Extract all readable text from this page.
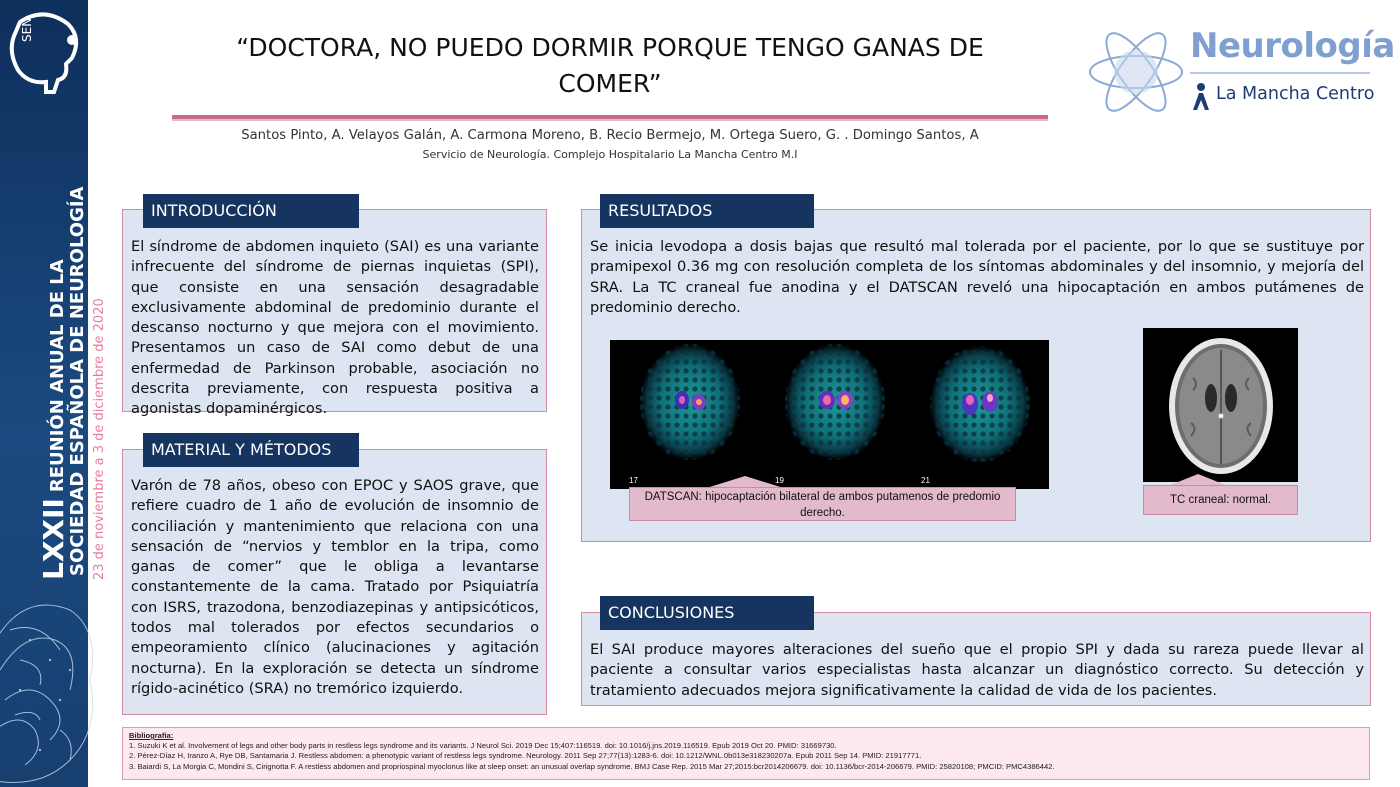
SEN
LXXIIREUNIÓN ANUAL DE LA SOCIEDAD ESPAÑOLA DE NEUROLOGÍA 23 de noviembre a 3 de diciembre de 2020
“DOCTORA, NO PUEDO DORMIR PORQUE TENGO GANAS DE
COMER”
Santos Pinto, A. Velayos Galán, A. Carmona Moreno, B. Recio Bermejo, M. Ortega Suero, G. . Domingo Santos, A
Servicio de Neurología. Complejo Hospitalario La Mancha Centro M.I
Neurología
La Mancha Centro
INTRODUCCIÓN
El síndrome de abdomen inquieto (SAI) es una variante infrecuente del síndrome de piernas inquietas (SPI), que consiste en una sensación desagradable exclusivamente abdominal de predominio durante el descanso nocturno y que mejora con el movimiento. Presentamos un caso de SAI como debut de una enfermedad de Parkinson probable, asociación no descrita previamente, con respuesta positiva a agonistas dopaminérgicos.
MATERIAL Y MÉTODOS
Varón de 78 años, obeso con EPOC y SAOS grave, que refiere cuadro de 1 año de evolución de insomnio de conciliación y mantenimiento que relaciona con una sensación de “nervios y temblor en la tripa, como ganas de comer” que le obliga a levantarse constantemente de la cama. Tratado por Psiquiatría con ISRS, trazodona, benzodiazepinas y antipsicóticos, todos mal tolerados por efectos secundarios o empeoramiento clínico (alucinaciones y agitación nocturna). En la exploración se detecta un síndrome rígido-acinético (SRA) no tremórico izquierdo.
RESULTADOS
Se inicia levodopa a dosis bajas que resultó mal tolerada por el paciente, por lo que se sustituye por pramipexol 0.36 mg con resolución completa de los síntomas abdominales y del insomnio, y mejoría del SRA. La TC craneal fue anodina y el DATSCAN reveló una hipocaptación en ambos putámenes de predominio derecho.
17	19	21
DATSCAN: hipocaptación bilateral de ambos putamenos de predomio derecho.
TC craneal: normal.
CONCLUSIONES
El SAI produce mayores alteraciones del sueño que el propio SPI y dada su rareza puede llevar al paciente a consultar varios especialistas hasta alcanzar un diagnóstico correcto. Su detección y tratamiento adecuados mejora significativamente la calidad de vida de los pacientes.
Bibliografía:
1. Suzuki K et al. Involvement of legs and other body parts in restless legs syndrome and its variants. J Neurol Sci. 2019 Dec 15;407:116519. doi: 10.1016/j.jns.2019.116519. Epub 2019 Oct 20. PMID: 31669730.
2. Pérez-Díaz H, Iranzo A, Rye DB, Santamaria J. Restless abdomen: a phenotypic variant of restless legs syndrome. Neurology. 2011 Sep 27;77(13):1283-6. doi: 10.1212/WNL.0b013e318230207a. Epub 2011 Sep 14. PMID: 21917771.
3. Baiardi S, La Morgia C, Mondini S, Cirignotta F. A restless abdomen and propriospinal myoclonus like at sleep onset: an unusual overlap syndrome. BMJ Case Rep. 2015 Mar 27;2015:bcr2014206679. doi: 10.1136/bcr-2014-206679. PMID: 25820108; PMCID: PMC4386442.
